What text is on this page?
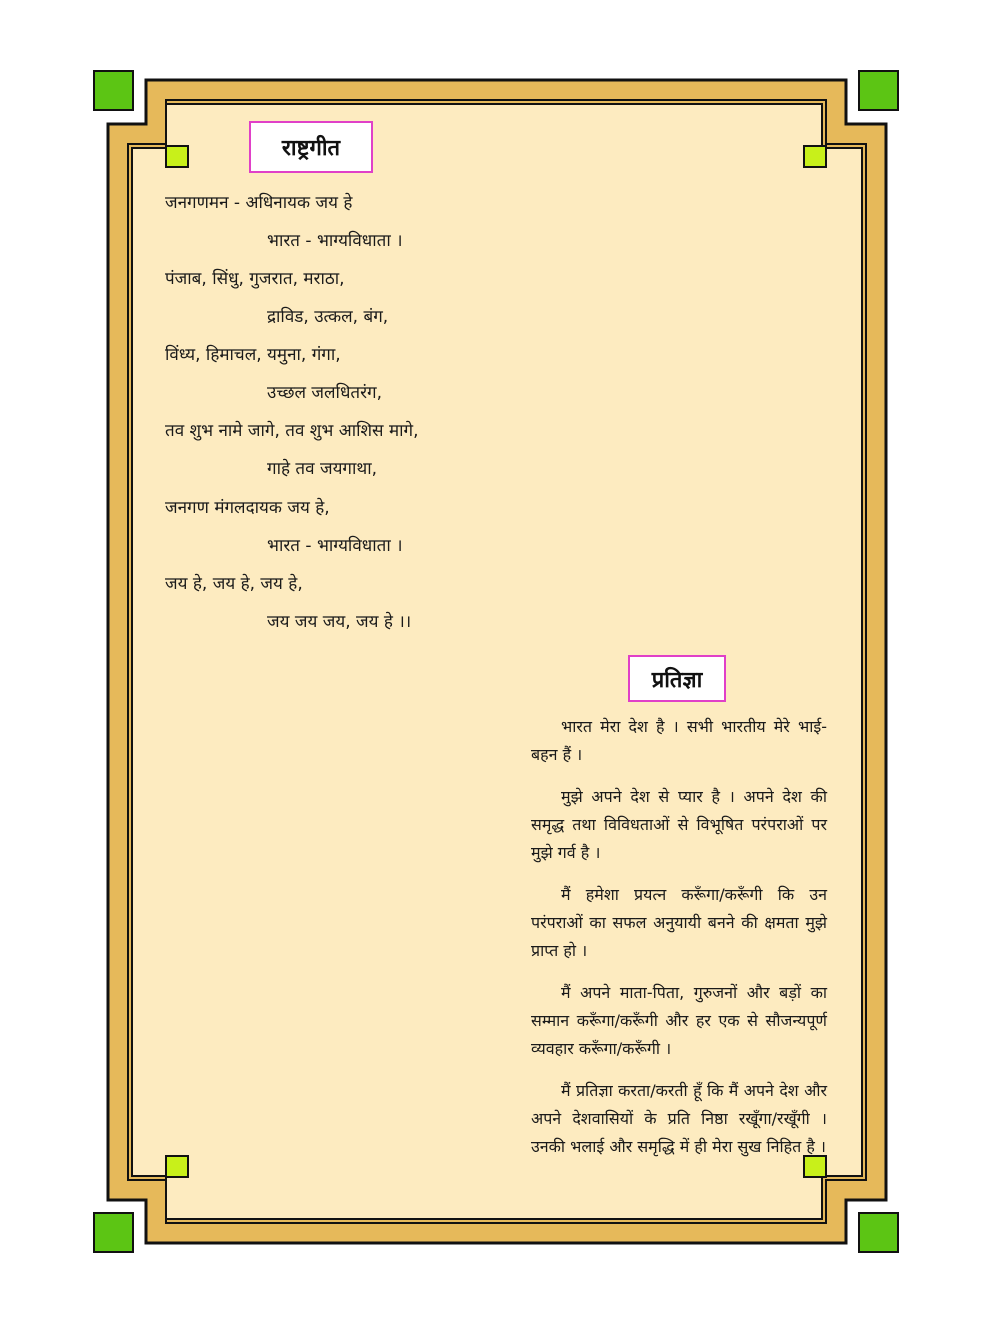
राष्ट्रगीत
जनगणमन - अधिनायक जय हे
भारत - भाग्यविधाता ।
पंजाब, सिंधु, गुजरात, मराठा,
द्राविड, उत्कल, बंग,
विंध्य, हिमाचल, यमुना, गंगा,
उच्छल जलधितरंग,
तव शुभ नामे जागे, तव शुभ आशिस मागे,
गाहे तव जयगाथा,
जनगण मंगलदायक जय हे,
भारत - भाग्यविधाता ।
जय हे, जय हे, जय हे,
जय जय जय, जय हे ।।
प्रतिज्ञा

भारत मेरा देश है । सभी भारतीय मेरे भाई-बहन हैं ।

मुझे अपने देश से प्यार है । अपने देश की समृद्ध तथा विविधताओं से विभूषित परंपराओं पर मुझे गर्व है ।

मैं हमेशा प्रयत्न करूँगा/करूँगी कि उन परंपराओं का सफल अनुयायी बनने की क्षमता मुझे प्राप्त हो ।

मैं अपने माता-पिता, गुरुजनों और बड़ों का सम्मान करूँगा/करूँगी और हर एक से सौजन्यपूर्ण व्यवहार करूँगा/करूँगी ।

मैं प्रतिज्ञा करता/करती हूँ कि मैं अपने देश और अपने देशवासियों के प्रति निष्ठा रखूँगा/रखूँगी । उनकी भलाई और समृद्धि में ही मेरा सुख निहित है ।
